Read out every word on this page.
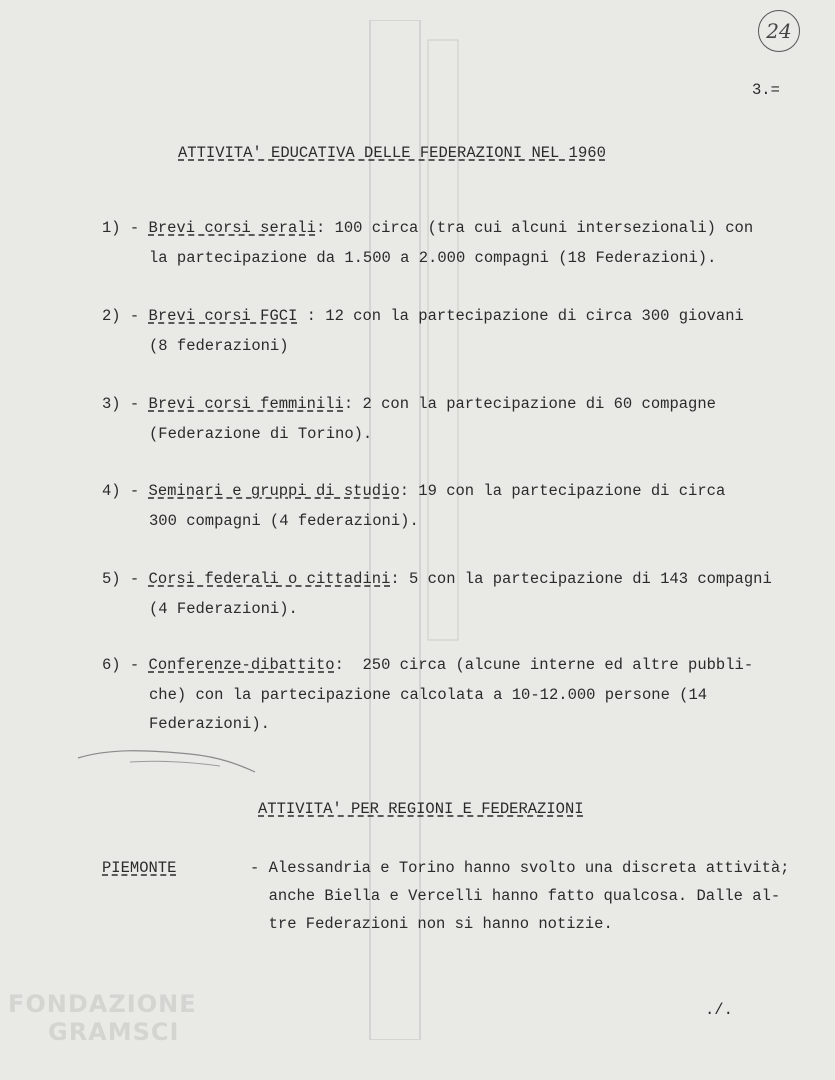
24
3.=
ATTIVITA' EDUCATIVA DELLE FEDERAZIONI NEL 1960
1) - Brevi corsi serali: 100 circa (tra cui alcuni intersezionali) con
la partecipazione da 1.500 a 2.000 compagni (18 Federazioni).
2) - Brevi corsi FGCI : 12 con la partecipazione di circa 300 giovani
(8 federazioni)
3) - Brevi corsi femminili: 2 con la partecipazione di 60 compagne
(Federazione di Torino).
4) - Seminari e gruppi di studio: 19 con la partecipazione di circa
300 compagni (4 federazioni).
5) - Corsi federali o cittadini: 5 con la partecipazione di 143 compagni
(4 Federazioni).
6) - Conferenze-dibattito:  250 circa (alcune interne ed altre pubbli-
che) con la partecipazione calcolata a 10-12.000 persone (14
Federazioni).
ATTIVITA' PER REGIONI E FEDERAZIONI
PIEMONTE	- Alessandria e Torino hanno svolto una discreta attività;
anche Biella e Vercelli hanno fatto qualcosa. Dalle al-
tre Federazioni non si hanno notizie.
./.
FONDAZIONE
GRAMSCI
